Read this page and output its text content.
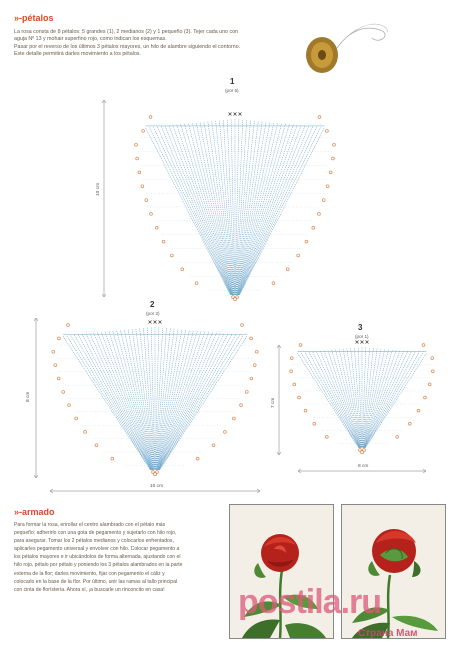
»-pétalos
La rosa consta de 8 pétalos: 5 grandes (1), 2 medianos (2) y 1 pequeño (3). Tejer cada uno con
aguja Nº 13 y mohair superfino rojo, como indican los esquemas.
Pasar por el reverso de los últimos 3 pétalos mayores, un hilo de alambre siguiendo el contorno.
Este detalle permitirá darles movimiento a los pétalos.
1
(por 5)
10 cm
2
(por 2)
8 cm
10 cm
3
(por 1)
7 cm
8 cm
»-armado
Para formar la rosa, enrollar el centro alambrado con el pétalo más
pequeño; adherirlo con una gota de pegamento y sujetarlo con hilo rojo,
para asegurar. Tomar los 2 pétalos medianos y colocarlos enfrentados,
aplicarles pegamento universal y envolver con hilo. Colocar pegamento a
los pétalos mayores e ir ubicándolos de forma alternada, ajustando con el
hilo rojo, pétalo por pétalo y poniendo los 3 pétalos alambrados en la parte
externa de la flor; darles movimiento, fijar con pegamento el cáliz y
colocarlo en la base de la flor. Por último, unir las ramas al tallo principal
con cinta de florístería. Ahora sí, ¡a buscarle un rinconcito en casa!	postila.ru
Страна Мам
